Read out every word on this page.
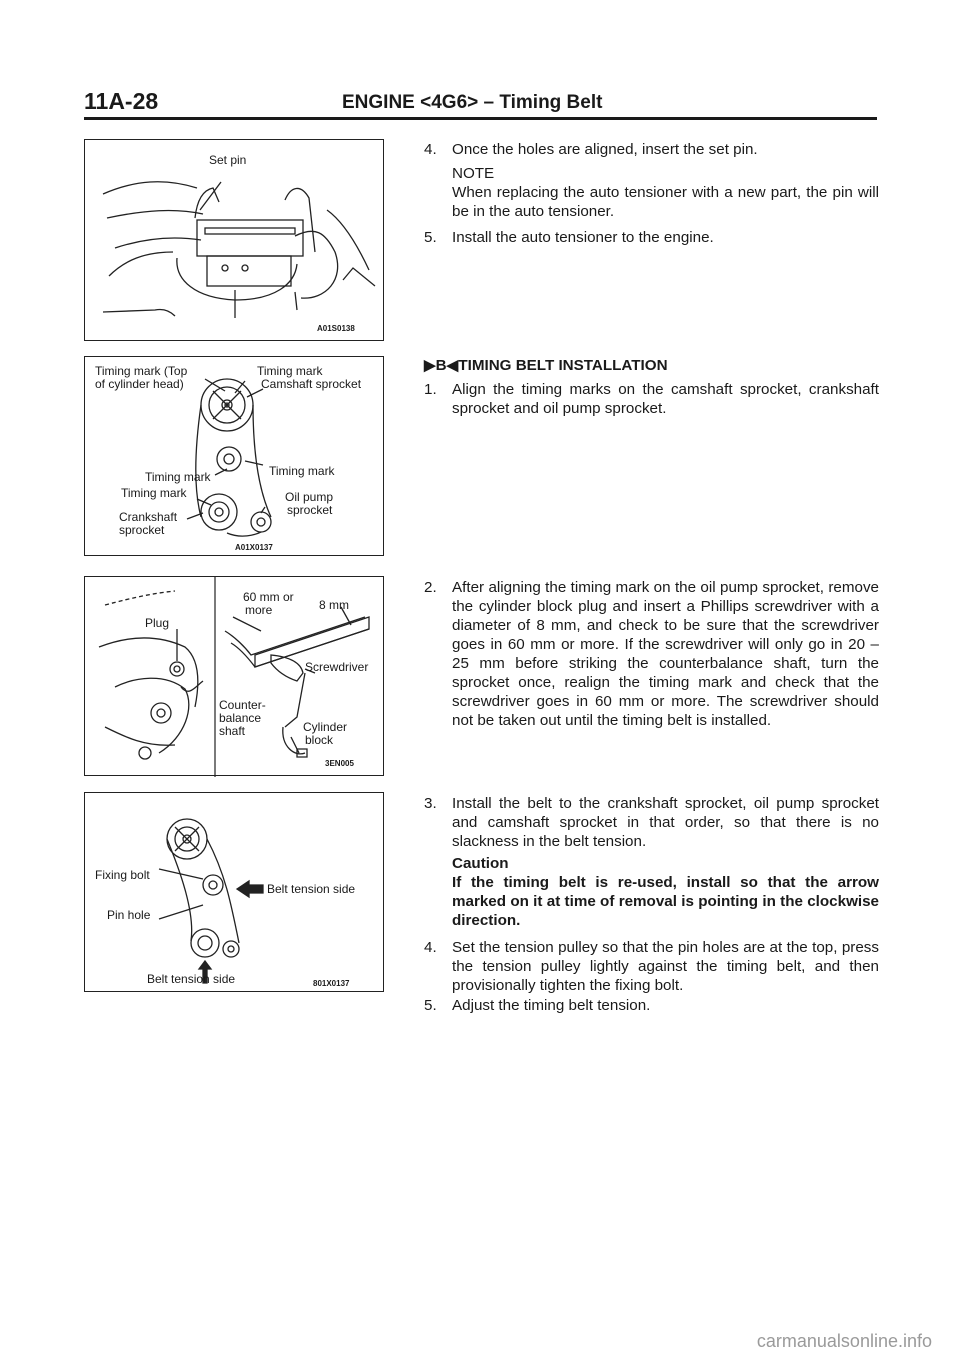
11A-28	ENGINE <4G6> – Timing Belt
Set pin
A01S0138
Timing mark (Top
of cylinder head)
Timing mark
Camshaft sprocket
Timing mark	Timing mark
Timing mark	Oil pump
sprocket
Crankshaft
sprocket
A01X0137
Plug
60 mm or
more	8 mm
Screwdriver
Counter-
balance
shaft	Cylinder
block
3EN005
Fixing bolt
Belt tension side
Pin hole
Belt tension side	801X0137
4. Once the holes are aligned, insert the set pin.
NOTE
When replacing the auto tensioner with a new part, the pin will be in the auto tensioner.
5. Install the auto tensioner to the engine.
▶B◀TIMING BELT INSTALLATION
1. Align the timing marks on the camshaft sprocket, crankshaft sprocket and oil pump sprocket.
2. After aligning the timing mark on the oil pump sprocket, remove the cylinder block plug and insert a Phillips screwdriver with a diameter of 8 mm, and check to be sure that the screwdriver goes in 60 mm or more. If the screwdriver will only go in 20 – 25 mm before striking the counterbalance shaft, turn the sprocket once, realign the timing mark and check that the screwdriver goes in 60 mm or more. The screwdriver should not be taken out until the timing belt is installed.
3. Install the belt to the crankshaft sprocket, oil pump sprocket and camshaft sprocket in that order, so that there is no slackness in the belt tension.
Caution
If the timing belt is re-used, install so that the arrow marked on it at time of removal is pointing in the clockwise direction.
4. Set the tension pulley so that the pin holes are at the top, press the tension pulley lightly against the timing belt, and then provisionally tighten the fixing bolt.
5. Adjust the timing belt tension.
carmanualsonline.info
